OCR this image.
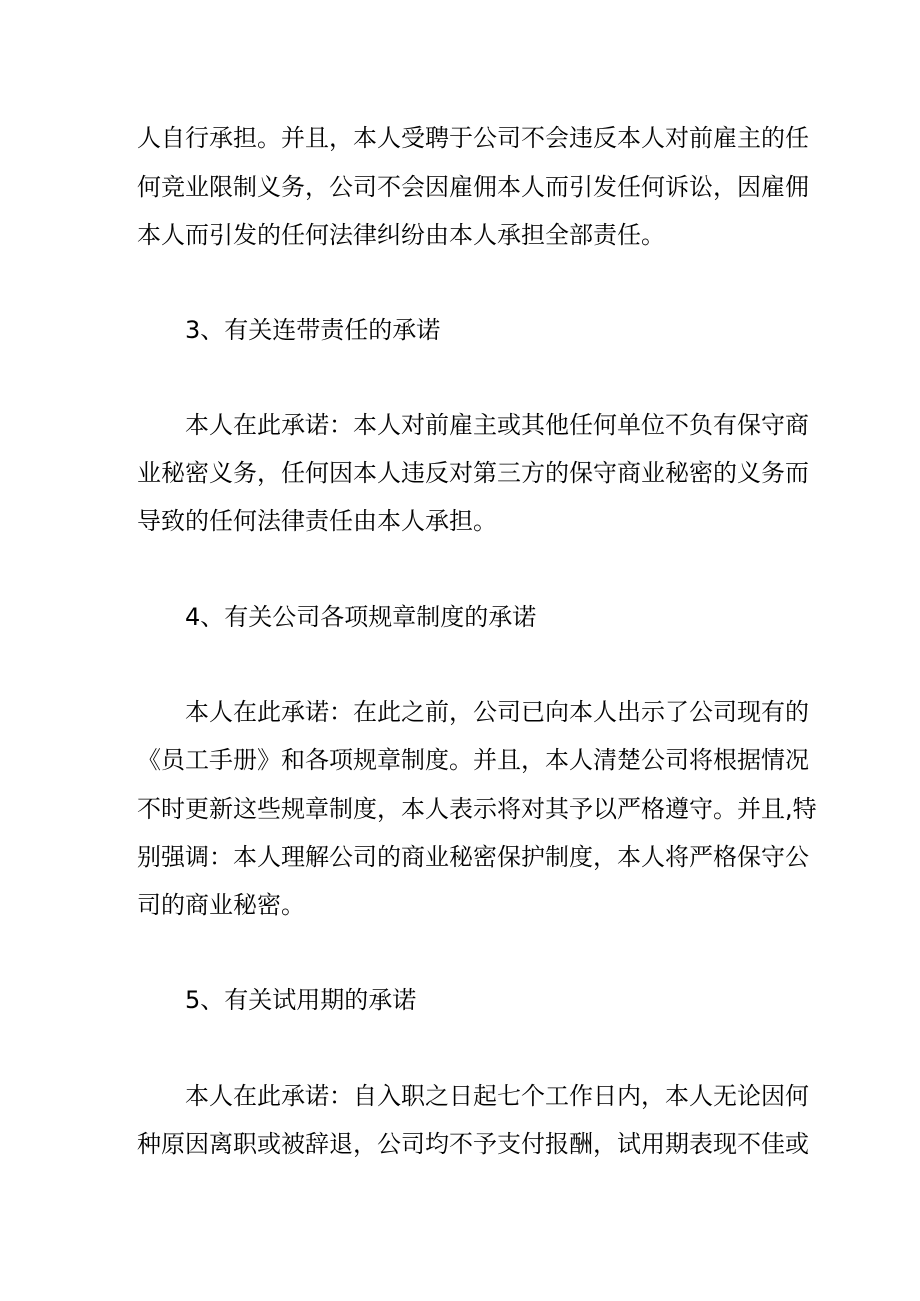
人自行承担。并且，本人受聘于公司不会违反本人对前雇主的任
何竞业限制义务，公司不会因雇佣本人而引发任何诉讼，因雇佣
本人而引发的任何法律纠纷由本人承担全部责任。
3、有关连带责任的承诺
本人在此承诺：本人对前雇主或其他任何单位不负有保守商
业秘密义务，任何因本人违反对第三方的保守商业秘密的义务而
导致的任何法律责任由本人承担。
4、有关公司各项规章制度的承诺
本人在此承诺：在此之前，公司已向本人出示了公司现有的
《员工手册》和各项规章制度。并且，本人清楚公司将根据情况
不时更新这些规章制度，本人表示将对其予以严格遵守。并且,特
别强调：本人理解公司的商业秘密保护制度，本人将严格保守公
司的商业秘密。
5、有关试用期的承诺
本人在此承诺：自入职之日起七个工作日内，本人无论因何
种原因离职或被辞退，公司均不予支付报酬，试用期表现不佳或
